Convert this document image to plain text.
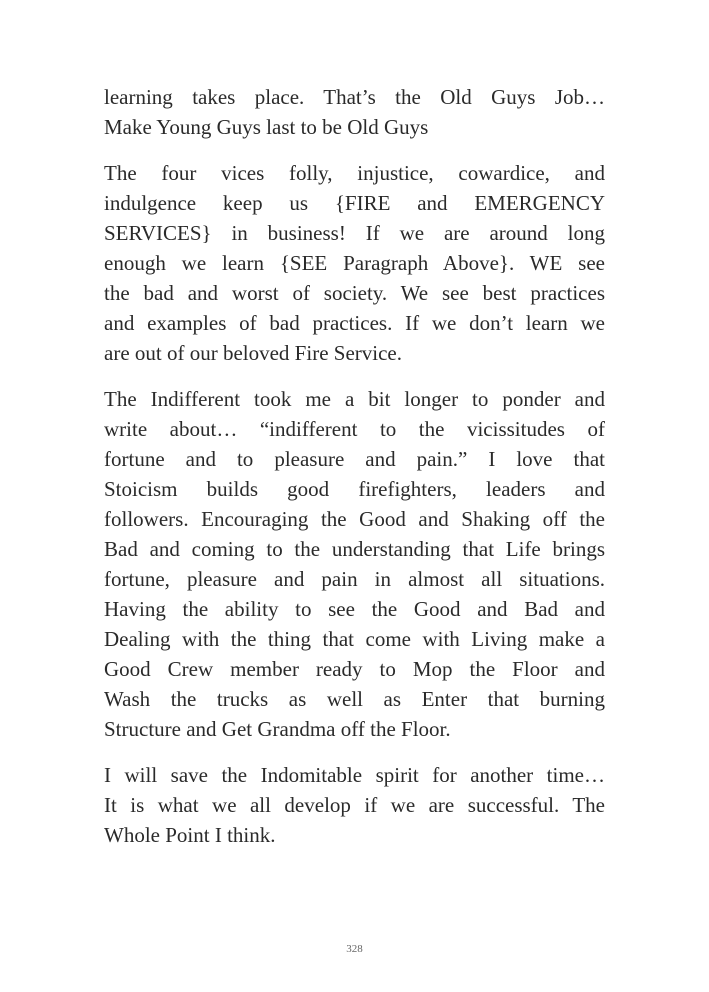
learning takes place. That’s the Old Guys Job…
Make Young Guys last to be Old Guys
The four vices folly, injustice, cowardice, and
indulgence keep us {FIRE and EMERGENCY
SERVICES} in business! If we are around long
enough we learn {SEE Paragraph Above}. WE see
the bad and worst of society. We see best practices
and examples of bad practices. If we don’t learn we
are out of our beloved Fire Service.
The Indifferent took me a bit longer to ponder and
write about… “indifferent to the vicissitudes of
fortune and to pleasure and pain.” I love that
Stoicism builds good firefighters, leaders and
followers. Encouraging the Good and Shaking off the
Bad and coming to the understanding that Life brings
fortune, pleasure and pain in almost all situations.
Having the ability to see the Good and Bad and
Dealing with the thing that come with Living make a
Good Crew member ready to Mop the Floor and
Wash the trucks as well as Enter that burning
Structure and Get Grandma off the Floor.
I will save the Indomitable spirit for another time…
It is what we all develop if we are successful. The
Whole Point I think.
328
